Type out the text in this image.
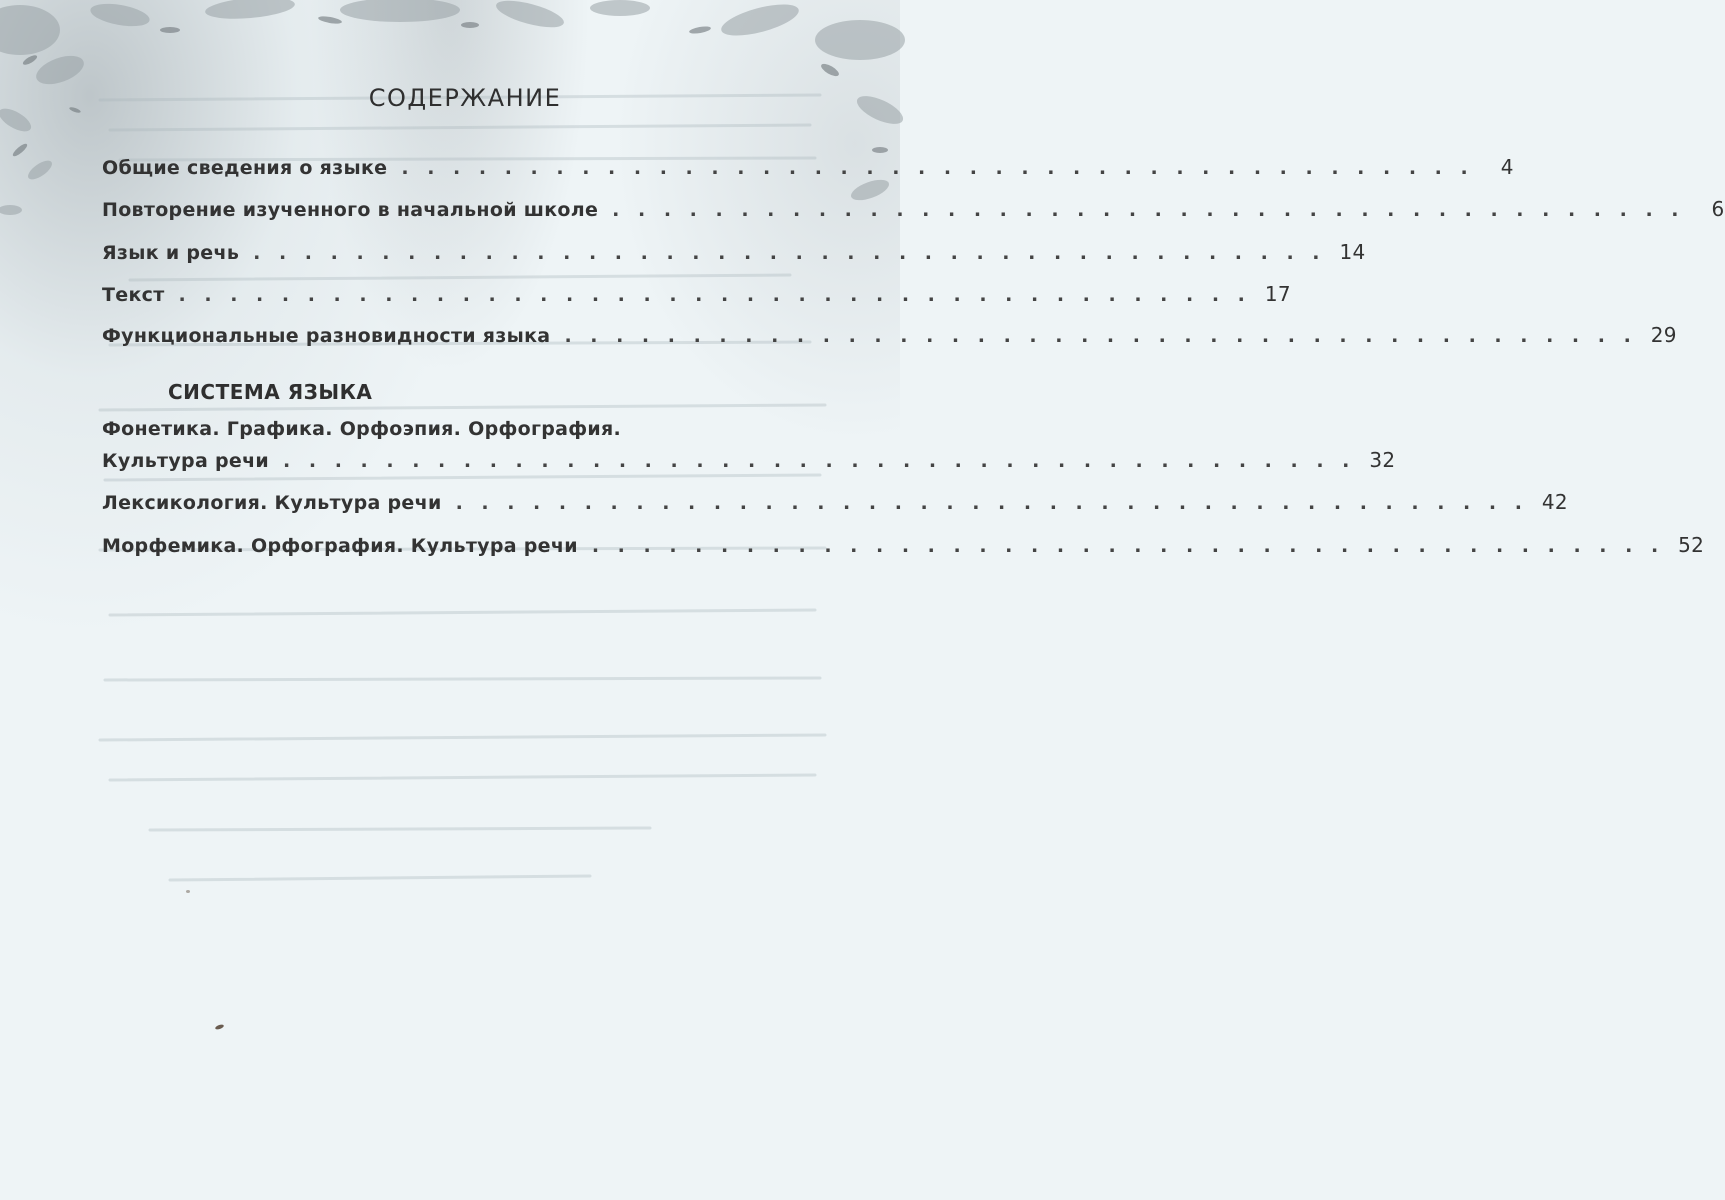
СОДЕРЖАНИЕ
Общие сведения о языке . . . . . . . . . . . . . . . . . . . . . . . . . . . . . . . . . . . . . . . . . .	4
Повторение изученного в начальной школе . . . . . . . . . . . . . . . . . . . . . . . . . . . . . . . . . . . . . . . . . .	6
Язык и речь . . . . . . . . . . . . . . . . . . . . . . . . . . . . . . . . . . . . . . . . . . 14
Текст . . . . . . . . . . . . . . . . . . . . . . . . . . . . . . . . . . . . . . . . . . 17
Функциональные разновидности языка . . . . . . . . . . . . . . . . . . . . . . . . . . . . . . . . . . . . . . . . . . 29
СИСТЕМА ЯЗЫКА
Фонетика. Графика. Орфоэпия. Орфография.
Культура речи . . . . . . . . . . . . . . . . . . . . . . . . . . . . . . . . . . . . . . . . . . 32
Лексикология. Культура речи . . . . . . . . . . . . . . . . . . . . . . . . . . . . . . . . . . . . . . . . . . 42
Морфемика. Орфография. Культура речи . . . . . . . . . . . . . . . . . . . . . . . . . . . . . . . . . . . . . . . . . . 52
